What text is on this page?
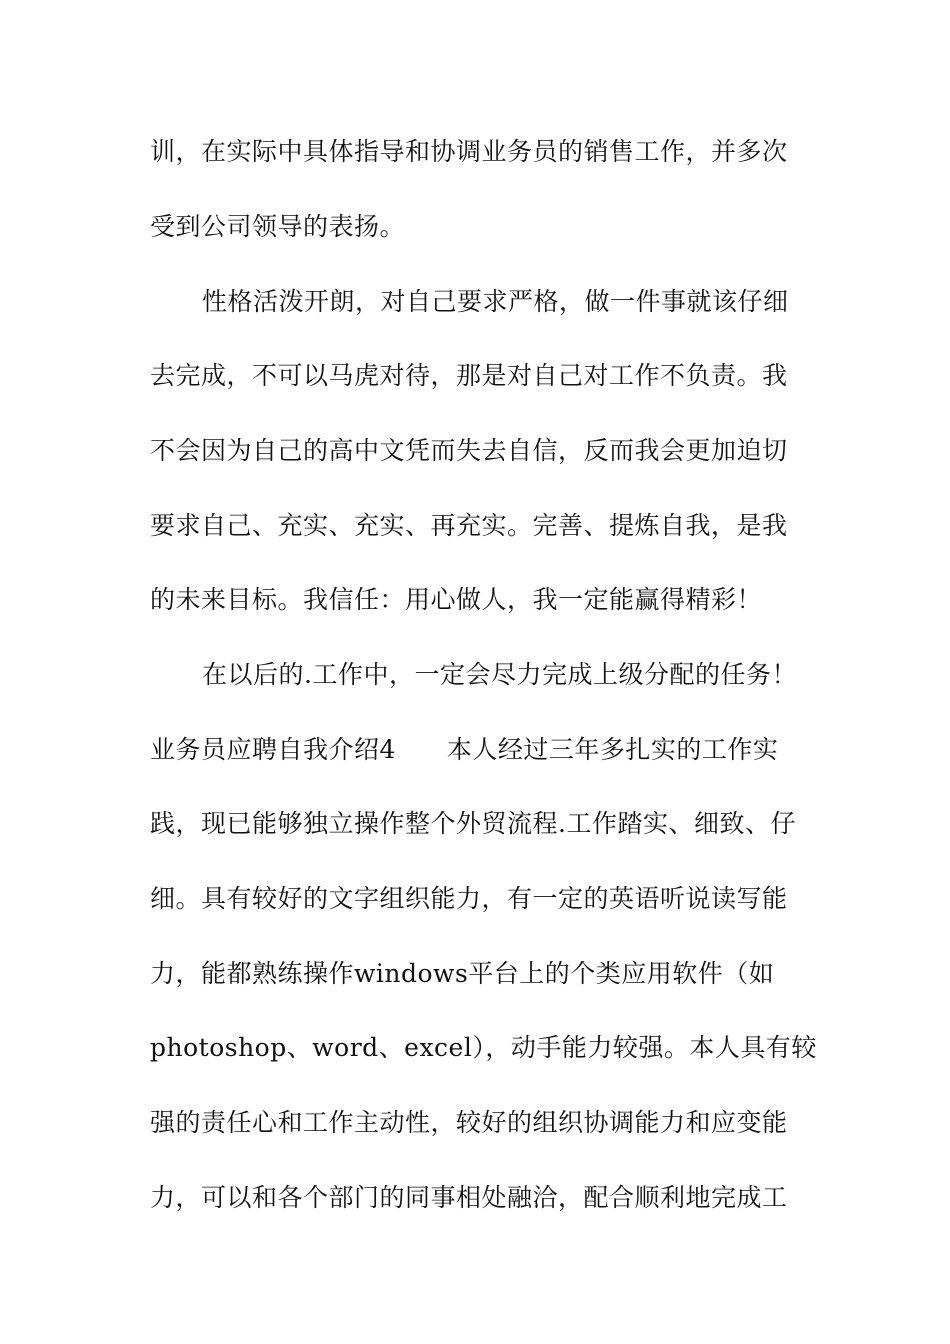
训，在实际中具体指导和协调业务员的销售工作，并多次
受到公司领导的表扬。
性格活泼开朗，对自己要求严格，做一件事就该仔细
去完成，不可以马虎对待，那是对自己对工作不负责。我
不会因为自己的高中文凭而失去自信，反而我会更加迫切
要求自己、充实、充实、再充实。完善、提炼自我，是我
的未来目标。我信任：用心做人，我一定能赢得精彩！
在以后的.工作中，一定会尽力完成上级分配的任务！
业务员应聘自我介绍4　　本人经过三年多扎实的工作实
践，现已能够独立操作整个外贸流程.工作踏实、细致、仔
细。具有较好的文字组织能力，有一定的英语听说读写能
力，能都熟练操作windows平台上的个类应用软件（如
photoshop、word、excel），动手能力较强。本人具有较
强的责任心和工作主动性，较好的组织协调能力和应变能
力，可以和各个部门的同事相处融洽，配合顺利地完成工
